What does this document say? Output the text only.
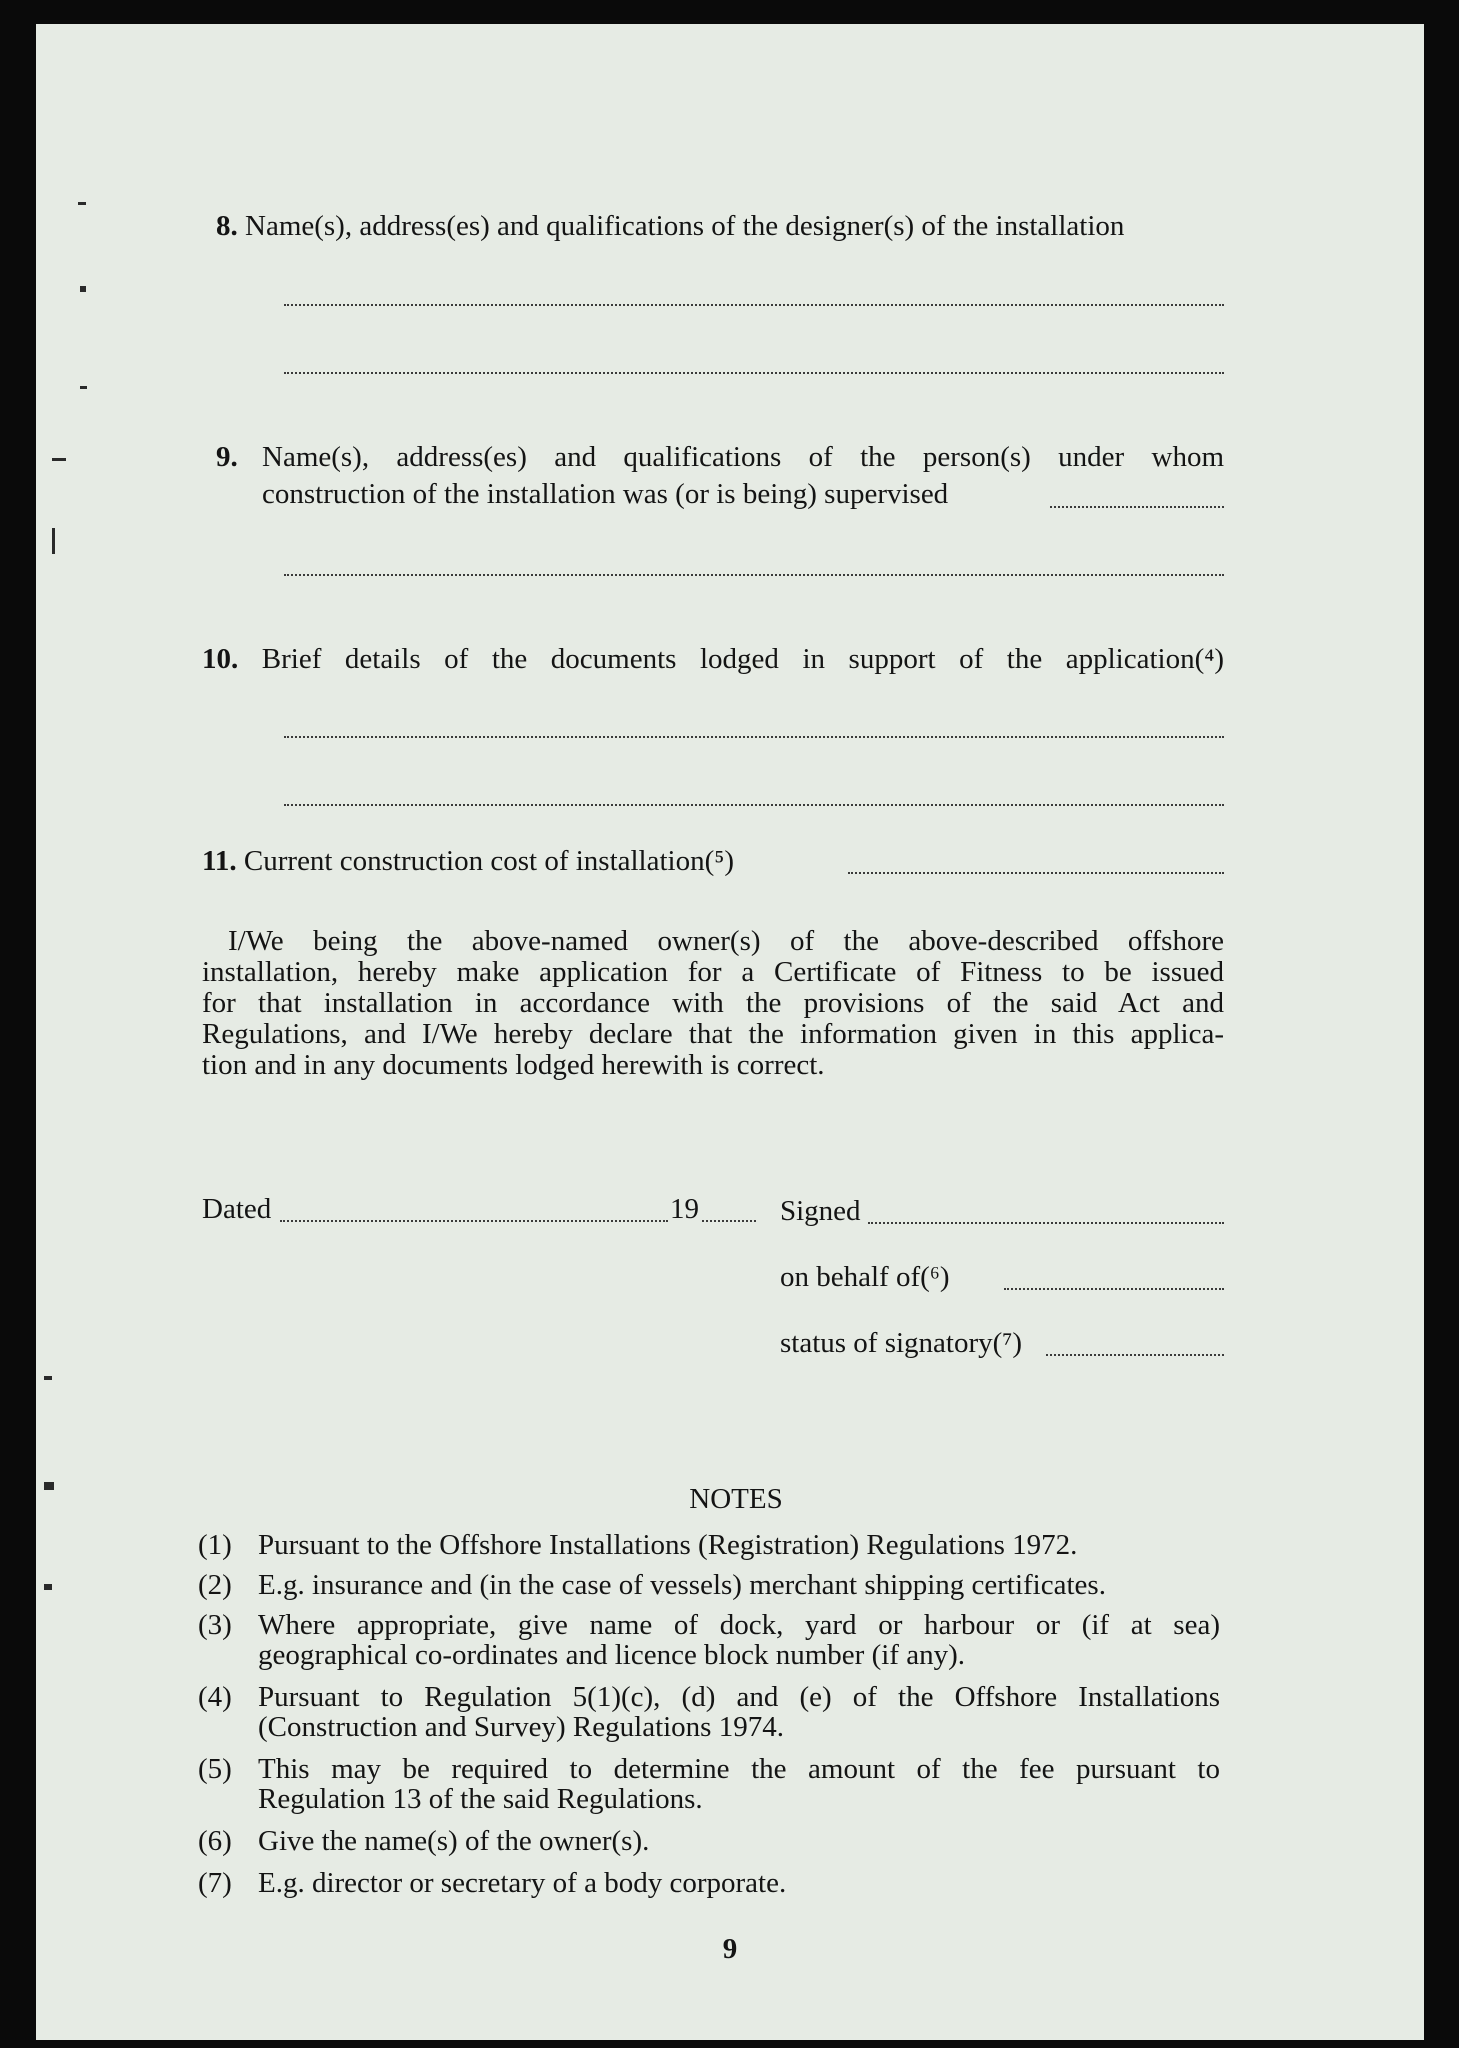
8. Name(s), address(es) and qualifications of the designer(s) of the installation
9. Name(s), address(es) and qualifications of the person(s) under whom
construction of the installation was (or is being) supervised
10. Brief details of the documents lodged in support of the application(⁴)
11. Current construction cost of installation(⁵)
I/We being the above-named owner(s) of the above-described offshore
installation, hereby make application for a Certificate of Fitness to be issued
for that installation in accordance with the provisions of the said Act and
Regulations, and I/We hereby declare that the information given in this applica-
tion and in any documents lodged herewith is correct.
Dated	19	Signed
on behalf of(⁶)
status of signatory(⁷)
NOTES
(1) Pursuant to the Offshore Installations (Registration) Regulations 1972.
(2) E.g. insurance and (in the case of vessels) merchant shipping certificates.
(3) Where appropriate, give name of dock, yard or harbour or (if at sea)
geographical co-ordinates and licence block number (if any).
(4) Pursuant to Regulation 5(1)(c), (d) and (e) of the Offshore Installations
(Construction and Survey) Regulations 1974.
(5) This may be required to determine the amount of the fee pursuant to
Regulation 13 of the said Regulations.
(6) Give the name(s) of the owner(s).
(7) E.g. director or secretary of a body corporate.
9
